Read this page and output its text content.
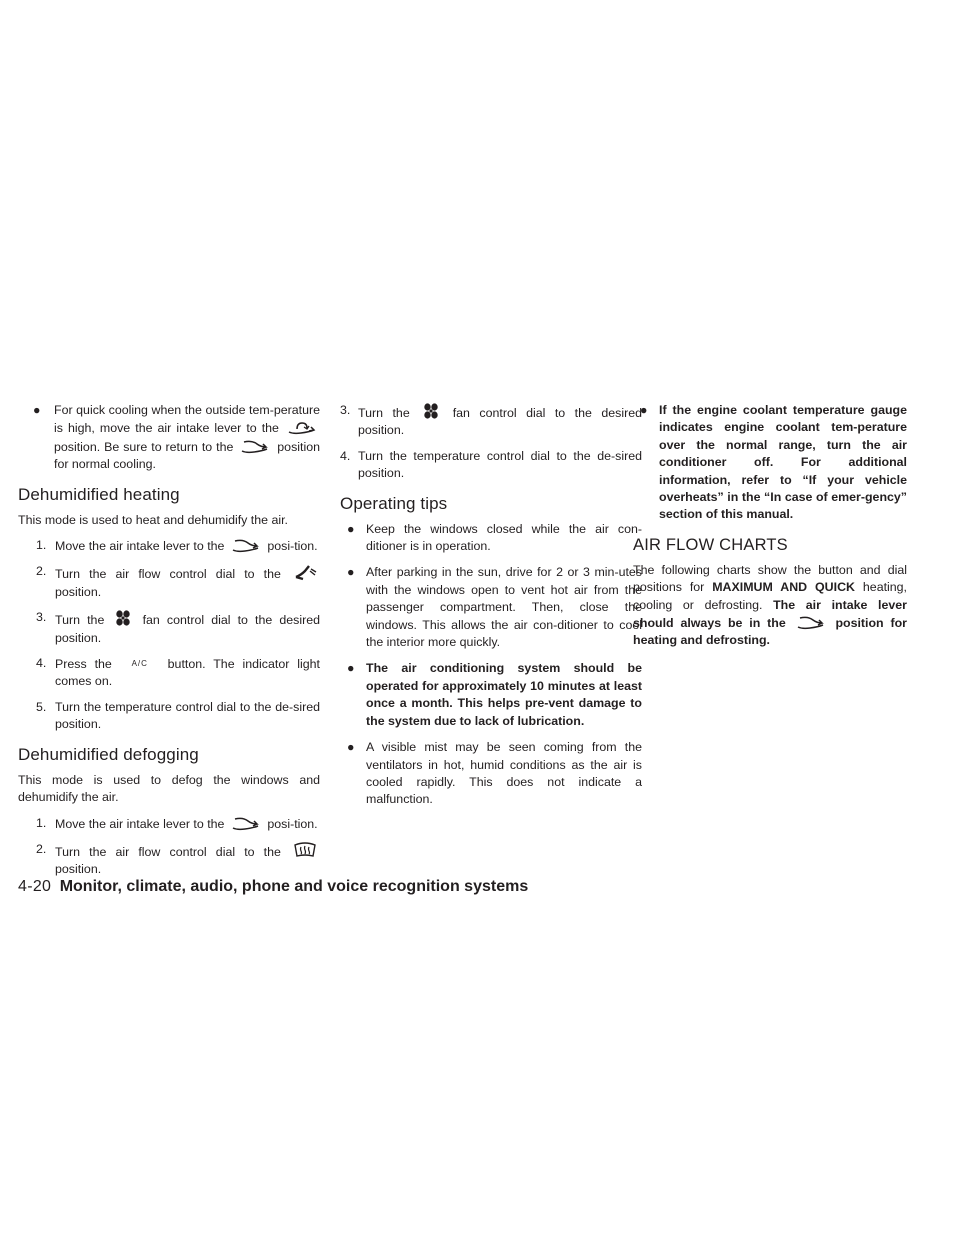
● For quick cooling when the outside tem-perature is high, move the air intake lever to the
position. Be sure to return to the	position for normal cooling.
Dehumidified heating
This mode is used to heat and dehumidify the air.
1. Move the air intake lever to the	posi-tion.
2. Turn the air flow control dial to the
position.
3. Turn the	fan control dial to the desired position.
4. Press the A/C button. The indicator light comes on.
5. Turn the temperature control dial to the de-sired position.
Dehumidified defogging
This mode is used to defog the windows and dehumidify the air.
1. Move the air intake lever to the	posi-tion.
2. Turn the air flow control dial to the
position.
3. Turn the	fan control dial to the desired position.
4. Turn the temperature control dial to the de-sired position.
Operating tips
● Keep the windows closed while the air con-ditioner is in operation.
● After parking in the sun, drive for 2 or 3 min-utes with the windows open to vent hot air from the passenger compartment. Then, close the windows. This allows the air con-ditioner to cool the interior more quickly.
● The air conditioning system should be operated for approximately 10 minutes at least once a month. This helps pre-vent damage to the system due to lack of lubrication.
● A visible mist may be seen coming from the ventilators in hot, humid conditions as the air is cooled rapidly. This does not indicate a malfunction.
● If the engine coolant temperature gauge indicates engine coolant tem-perature over the normal range, turn the air conditioner off. For additional information, refer to “If your vehicle overheats” in the “In case of emer-gency” section of this manual.
AIR FLOW CHARTS
The following charts show the button and dial positions for MAXIMUM AND QUICK heating, cooling or defrosting. The air intake lever should always be in the	position for heating and defrosting.
4-20 Monitor, climate, audio, phone and voice recognition systems
